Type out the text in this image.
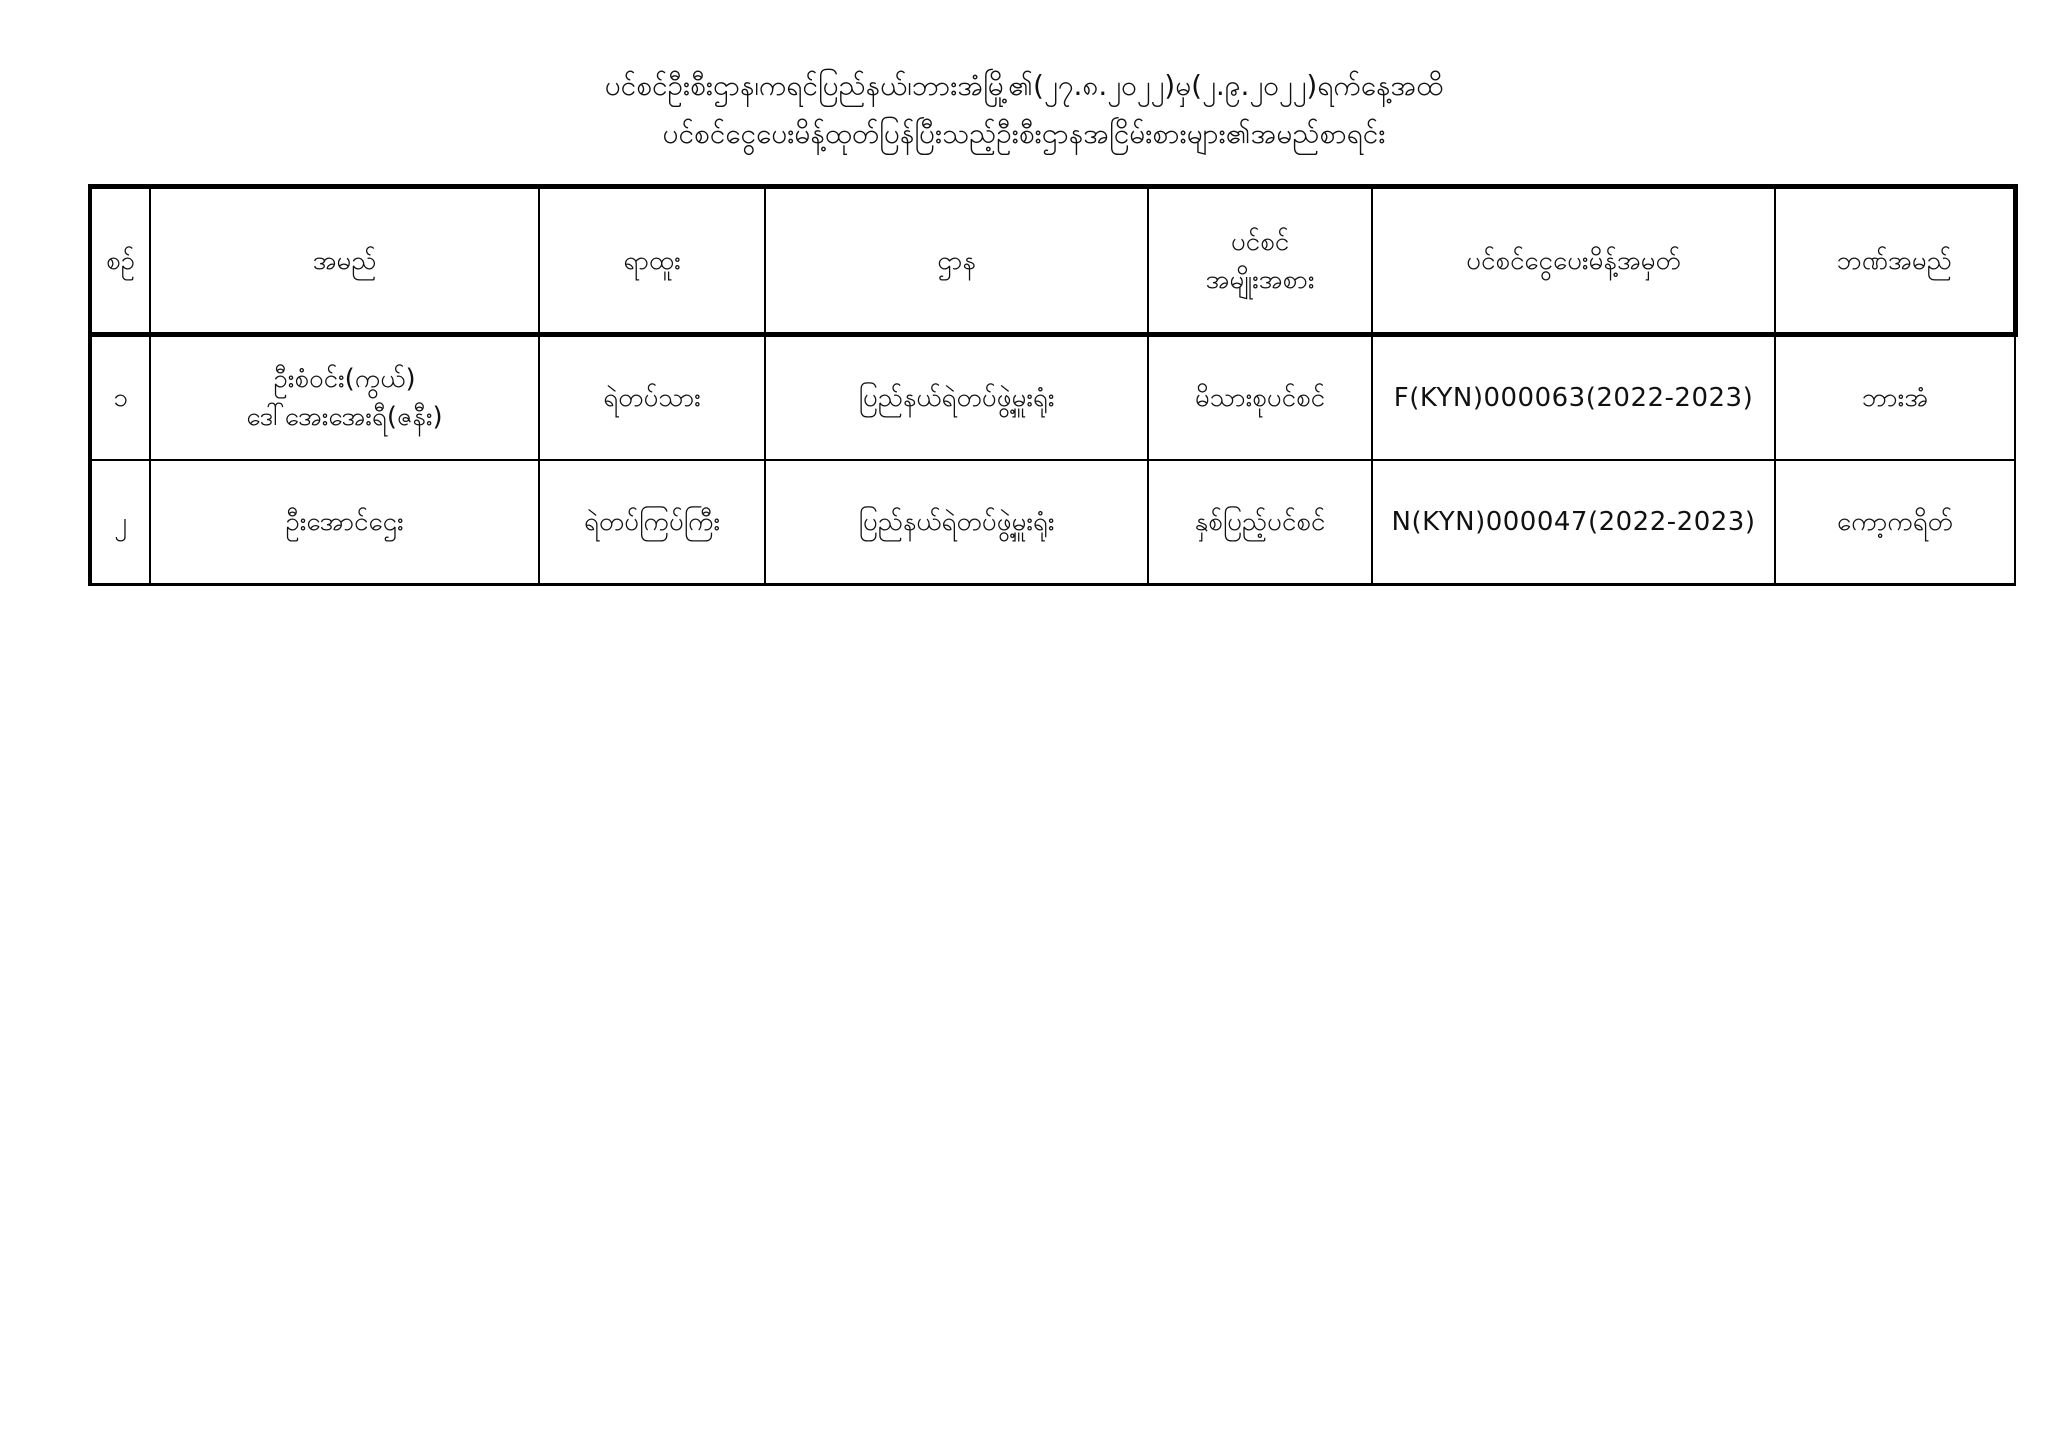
ပင်စင်ဦးစီးဌာန၊ကရင်ပြည်နယ်၊ဘားအံမြို့၏(၂၇.၈.၂၀၂၂)မှ(၂.၉.၂၀၂၂)ရက်နေ့အထိ
ပင်စင်ငွေပေးမိန့်ထုတ်ပြန်ပြီးသည့်ဦးစီးဌာနအငြိမ်းစားများ၏အမည်စာရင်း
စဉ်	အမည်	ရာထူး	ဌာန	ပင်စင်
အမျိုးအစား	ပင်စင်ငွေပေးမိန့်အမှတ်	ဘဏ်အမည်
၁	ဦးစံဝင်း(ကွယ်)
ဒေါ်အေးအေးရီ(ဇနီး)	ရဲတပ်သား	ပြည်နယ်ရဲတပ်ဖွဲ့မှူးရုံး	မိသားစုပင်စင်	F(KYN)000063(2022-2023)	ဘားအံ
၂	ဦးအောင်ဌေး	ရဲတပ်ကြပ်ကြီး	ပြည်နယ်ရဲတပ်ဖွဲ့မှူးရုံး	နှစ်ပြည့်ပင်စင်	N(KYN)000047(2022-2023)	ကော့ကရိတ်
